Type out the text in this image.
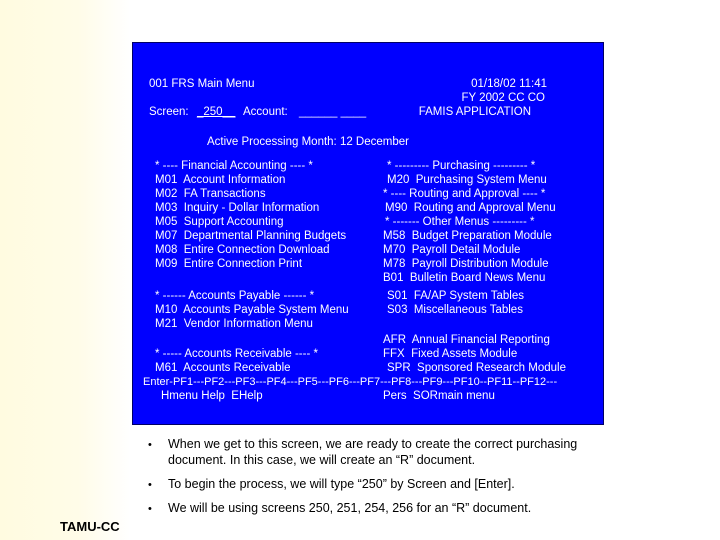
001 FRS Main Menu	01/18/02 11:41
FY 2002 CC CO
Screen: _250__ Account: ______ ____	FAMIS APPLICATION
Active Processing Month: 12 December
* ---- Financial Accounting ---- *
M01  Account Information
M02  FA Transactions
M03  Inquiry - Dollar Information
M05  Support Accounting
M07  Departmental Planning Budgets
M08  Entire Connection Download
M09  Entire Connection Print
* ------ Accounts Payable ------ *
M10  Accounts Payable System Menu
M21  Vendor Information Menu
* ----- Accounts Receivable ---- *
M61  Accounts Receivable
* --------- Purchasing --------- *
M20  Purchasing System Menu
* ---- Routing and Approval ---- *
M90  Routing and Approval Menu
* ------- Other Menus --------- *
M58  Budget Preparation Module
M70  Payroll Detail Module
M78  Payroll Distribution Module
B01  Bulletin Board News Menu
S01  FA/AP System Tables
S03  Miscellaneous Tables
AFR  Annual Financial Reporting
FFX  Fixed Assets Module
SPR  Sponsored Research Module
Enter-PF1---PF2---PF3---PF4---PF5---PF6---PF7---PF8---PF9---PF10--PF11--PF12---
Hmenu Help  EHelp	Pers  SORmain menu
• When we get to this screen, we are ready to create the correct purchasing document. In this case, we will create an “R” document.
• To begin the process, we will type “250” by Screen and [Enter].
• We will be using screens 250, 251, 254, 256 for an “R” document.
TAMU-CC
